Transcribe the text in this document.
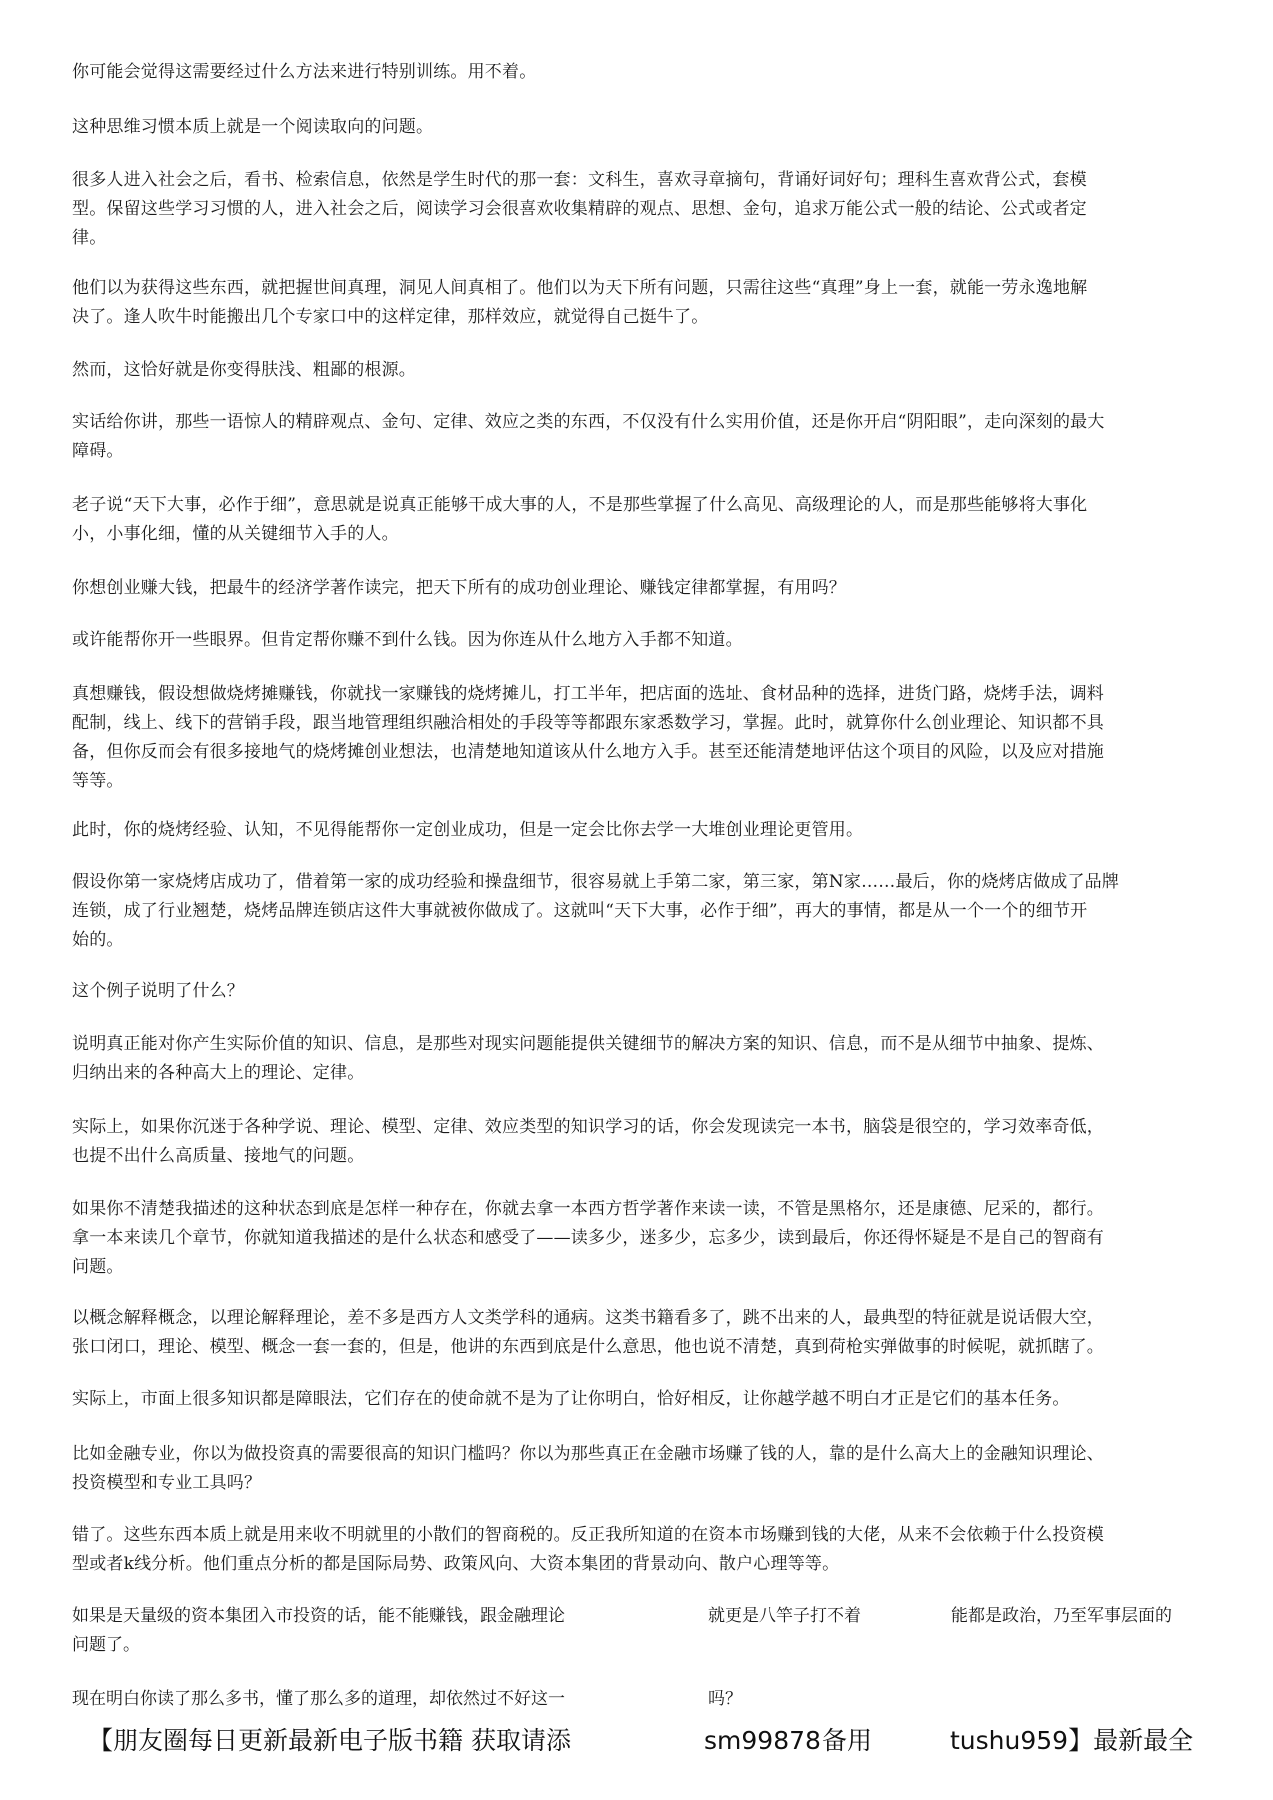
你可能会觉得这需要经过什么方法来进行特别训练。用不着。

这种思维习惯本质上就是一个阅读取向的问题。

很多人进入社会之后，看书、检索信息，依然是学生时代的那一套：文科生，喜欢寻章摘句，背诵好词好句；理科生喜欢背公式，套模
型。保留这些学习习惯的人，进入社会之后，阅读学习会很喜欢收集精辟的观点、思想、金句，追求万能公式一般的结论、公式或者定
律。

他们以为获得这些东西，就把握世间真理，洞见人间真相了。他们以为天下所有问题，只需往这些“真理”身上一套，就能一劳永逸地解
决了。逢人吹牛时能搬出几个专家口中的这样定律，那样效应，就觉得自己挺牛了。

然而，这恰好就是你变得肤浅、粗鄙的根源。

实话给你讲，那些一语惊人的精辟观点、金句、定律、效应之类的东西，不仅没有什么实用价值，还是你开启“阴阳眼”，走向深刻的最大
障碍。

老子说“天下大事，必作于细”，意思就是说真正能够干成大事的人，不是那些掌握了什么高见、高级理论的人，而是那些能够将大事化
小，小事化细，懂的从关键细节入手的人。

你想创业赚大钱，把最牛的经济学著作读完，把天下所有的成功创业理论、赚钱定律都掌握，有用吗？

或许能帮你开一些眼界。但肯定帮你赚不到什么钱。因为你连从什么地方入手都不知道。

真想赚钱，假设想做烧烤摊赚钱，你就找一家赚钱的烧烤摊儿，打工半年，把店面的选址、食材品种的选择，进货门路，烧烤手法，调料
配制，线上、线下的营销手段，跟当地管理组织融洽相处的手段等等都跟东家悉数学习，掌握。此时，就算你什么创业理论、知识都不具
备，但你反而会有很多接地气的烧烤摊创业想法，也清楚地知道该从什么地方入手。甚至还能清楚地评估这个项目的风险，以及应对措施
等等。

此时，你的烧烤经验、认知，不见得能帮你一定创业成功，但是一定会比你去学一大堆创业理论更管用。

假设你第一家烧烤店成功了，借着第一家的成功经验和操盘细节，很容易就上手第二家，第三家，第N家……最后，你的烧烤店做成了品牌
连锁，成了行业翘楚，烧烤品牌连锁店这件大事就被你做成了。这就叫“天下大事，必作于细”，再大的事情，都是从一个一个的细节开
始的。

这个例子说明了什么？

说明真正能对你产生实际价值的知识、信息，是那些对现实问题能提供关键细节的解决方案的知识、信息，而不是从细节中抽象、提炼、
归纳出来的各种高大上的理论、定律。

实际上，如果你沉迷于各种学说、理论、模型、定律、效应类型的知识学习的话，你会发现读完一本书，脑袋是很空的，学习效率奇低，
也提不出什么高质量、接地气的问题。

如果你不清楚我描述的这种状态到底是怎样一种存在，你就去拿一本西方哲学著作来读一读，不管是黑格尔，还是康德、尼采的，都行。
拿一本来读几个章节，你就知道我描述的是什么状态和感受了——读多少，迷多少，忘多少，读到最后，你还得怀疑是不是自己的智商有
问题。

以概念解释概念，以理论解释理论，差不多是西方人文类学科的通病。这类书籍看多了，跳不出来的人，最典型的特征就是说话假大空，
张口闭口，理论、模型、概念一套一套的，但是，他讲的东西到底是什么意思，他也说不清楚，真到荷枪实弹做事的时候呢，就抓瞎了。

实际上，市面上很多知识都是障眼法，它们存在的使命就不是为了让你明白，恰好相反，让你越学越不明白才正是它们的基本任务。

比如金融专业，你以为做投资真的需要很高的知识门槛吗？你以为那些真正在金融市场赚了钱的人，靠的是什么高大上的金融知识理论、
投资模型和专业工具吗？

错了。这些东西本质上就是用来收不明就里的小散们的智商税的。反正我所知道的在资本市场赚到钱的大佬，从来不会依赖于什么投资模
型或者k线分析。他们重点分析的都是国际局势、政策风向、大资本集团的背景动向、散户心理等等。

如果是天量级的资本集团入市投资的话，能不能赚钱，跟金融理论	就更是八竿子打不着	能都是政治，乃至军事层面的

问题了。

现在明白你读了那么多书，懂了那么多的道理，却依然过不好这一	吗？

【朋友圈每日更新最新电子版书籍 获取请添	sm99878 备用	tushu959】最新最全
